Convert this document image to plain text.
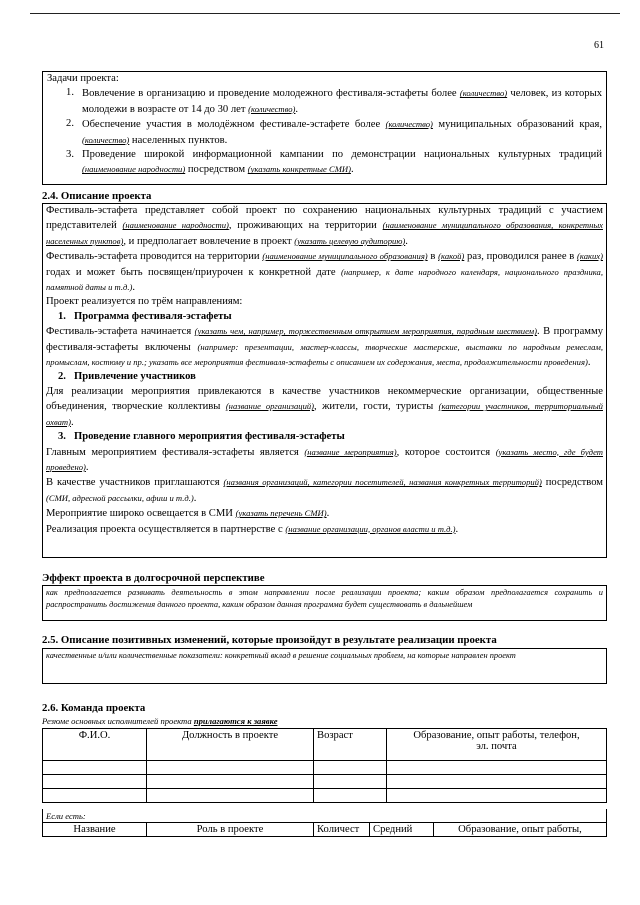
61

Задачи проекта:

1. Вовлечение в организацию и проведение молодежного фестиваля-эстафеты более (количество) человек, из которых молодежи в возрасте от 14 до 30 лет (количество).
2. Обеспечение участия в молодёжном фестивале-эстафете более (количество) муниципальных образований края, (количество) населенных пунктов.
3. Проведение широкой информационной кампании по демонстрации национальных культурных традиций (наименование народности) посредством (указать конкретные СМИ).
2.4. Описание проекта

Фестиваль-эстафета представляет собой проект по сохранению национальных культурных традиций с участием представителей (наименование народности), проживающих на территории (наименование муниципального образования, конкретных населенных пунктов), и предполагает вовлечение в проект (указать целевую аудиторию).

Фестиваль-эстафета проводится на территории (наименование муниципального образования) в (какой) раз, проводился ранее в (каких) годах и может быть посвящен/приурочен к конкретной дате (например, к дате народного календаря, национального праздника, памятной даты и т.д.).

Проект реализуется по трём направлениям:

1. Программа фестиваля-эстафеты

Фестиваль-эстафета начинается (указать чем, например, торжественным открытием мероприятия, парадным шествием). В программу фестиваля-эстафеты включены (например: презентации, мастер-классы, творческие мастерские, выставки по народным ремеслам, промыслам, костюму и пр.; указать все мероприятия фестиваля-эстафеты с описанием их содержания, места, продолжительности проведения).

2. Привлечение участников

Для реализации мероприятия привлекаются в качестве участников некоммерческие организации, общественные объединения, творческие коллективы (название организаций), жители, гости, туристы (категории участников, территориальный охват).

3. Проведение главного мероприятия фестиваля-эстафеты

Главным мероприятием фестиваля-эстафеты является (название мероприятия), которое состоится (указать место, где будет проведено).

В качестве участников приглашаются (названия организаций, категории посетителей, названия конкретных территорий) посредством (СМИ, адресной рассылки, афиш и т.д.).

Мероприятие широко освещается в СМИ (указать перечень СМИ).

Реализация проекта осуществляется в партнерстве с (название организации, органов власти и т.д.).

Эффект проекта в долгосрочной перспективе
как предполагается развивать деятельность в этом направлении после реализации проекта; каким образом предполагается сохранить и распространить достижения данного проекта, каким образом данная программа будет существовать в дальнейшем
2.5. Описание позитивных изменений, которые произойдут в результате реализации проекта
качественные и/или количественные показатели: конкретный вклад в решение социальных проблем, на которые направлен проект
2.6. Команда проекта
Резюме основных исполнителей проекта прилагаются к заявке
Ф.И.О.	Должность в проекте	Возраст	Образование, опыт работы, телефон, эл. почта

Если есть:
Название	Роль в проекте	Количест	Средний	Образование, опыт работы,
